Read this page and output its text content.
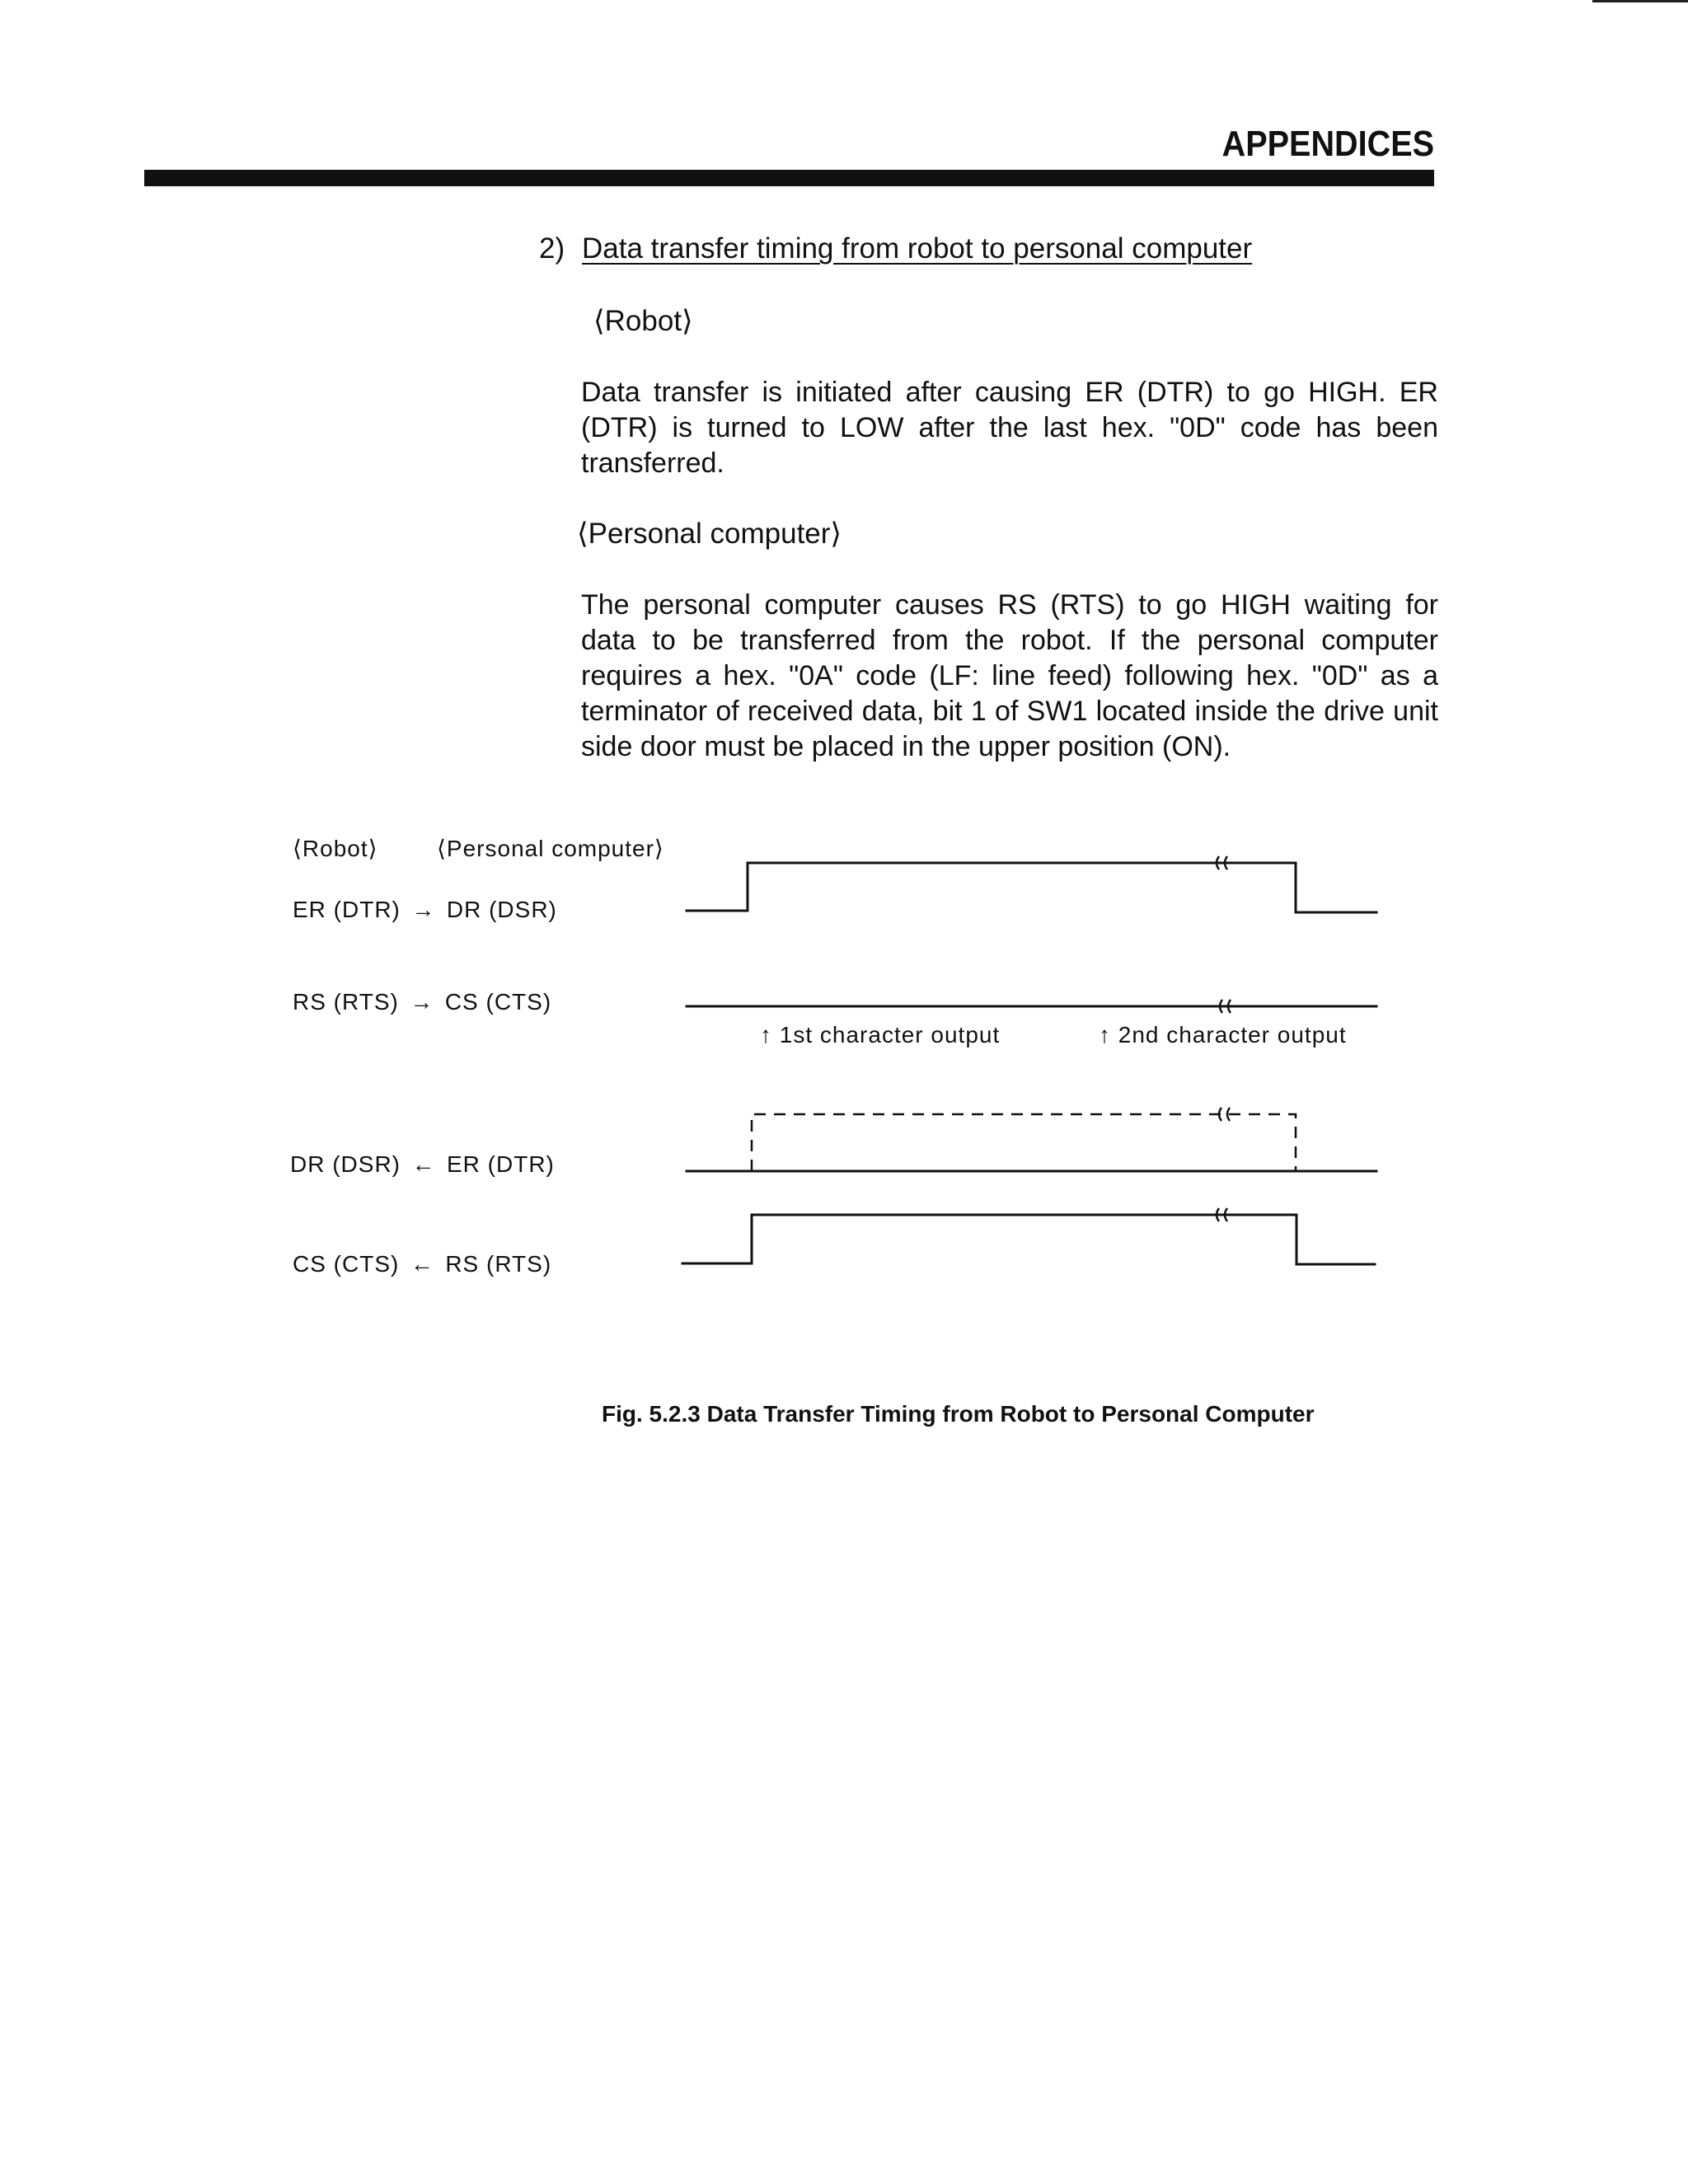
APPENDICES
2) Data transfer timing from robot to personal computer
⟨Robot⟩
Data transfer is initiated after causing ER (DTR) to go HIGH. ER (DTR) is turned to LOW after the last hex. "0D" code has been transferred.
⟨Personal computer⟩
The personal computer causes RS (RTS) to go HIGH waiting for data to be transferred from the robot. If the personal computer requires a hex. "0A" code (LF: line feed) following hex. "0D" as a terminator of received data, bit 1 of SW1 located inside the drive unit side door must be placed in the upper position (ON).
⟨Robot⟩	⟨Personal computer⟩
ER (DTR) → DR (DSR)
RS (RTS) → CS (CTS)
DR (DSR) ← ER (DTR)
CS (CTS) ← RS (RTS)
↑ 1st character output	↑ 2nd character output
Fig. 5.2.3 Data Transfer Timing from Robot to Personal Computer
